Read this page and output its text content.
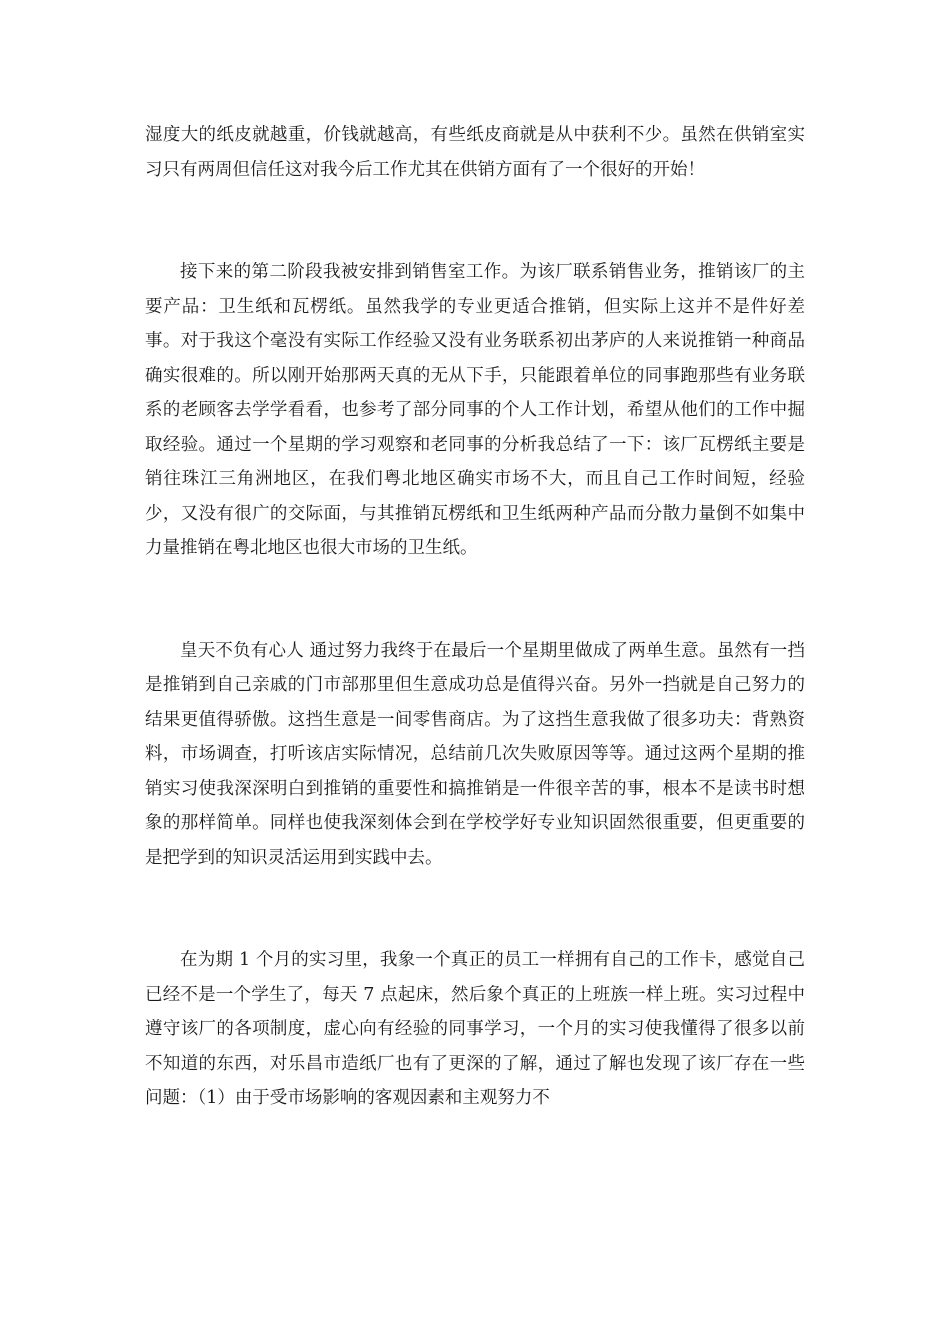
湿度大的纸皮就越重，价钱就越高，有些纸皮商就是从中获利不少。虽然在供销室实习只有两周但信任这对我今后工作尤其在供销方面有了一个很好的开始！

接下来的第二阶段我被安排到销售室工作。为该厂联系销售业务，推销该厂的主要产品：卫生纸和瓦楞纸。虽然我学的专业更适合推销，但实际上这并不是件好差事。对于我这个毫没有实际工作经验又没有业务联系初出茅庐的人来说推销一种商品确实很难的。所以刚开始那两天真的无从下手，只能跟着单位的同事跑那些有业务联系的老顾客去学学看看，也参考了部分同事的个人工作计划，希望从他们的工作中掘取经验。通过一个星期的学习观察和老同事的分析我总结了一下：该厂瓦楞纸主要是销往珠江三角洲地区，在我们粤北地区确实市场不大，而且自己工作时间短，经验少，又没有很广的交际面，与其推销瓦楞纸和卫生纸两种产品而分散力量倒不如集中力量推销在粤北地区也很大市场的卫生纸。

皇天不负有心人 通过努力我终于在最后一个星期里做成了两单生意。虽然有一挡是推销到自己亲戚的门市部那里但生意成功总是值得兴奋。另外一挡就是自己努力的结果更值得骄傲。这挡生意是一间零售商店。为了这挡生意我做了很多功夫：背熟资料，市场调查，打听该店实际情况，总结前几次失败原因等等。通过这两个星期的推销实习使我深深明白到推销的重要性和搞推销是一件很辛苦的事，根本不是读书时想象的那样简单。同样也使我深刻体会到在学校学好专业知识固然很重要，但更重要的是把学到的知识灵活运用到实践中去。

在为期 1 个月的实习里，我象一个真正的员工一样拥有自己的工作卡，感觉自己已经不是一个学生了，每天 7 点起床，然后象个真正的上班族一样上班。实习过程中遵守该厂的各项制度，虚心向有经验的同事学习，一个月的实习使我懂得了很多以前不知道的东西，对乐昌市造纸厂也有了更深的了解，通过了解也发现了该厂存在一些问题：（1）由于受市场影响的客观因素和主观努力不
